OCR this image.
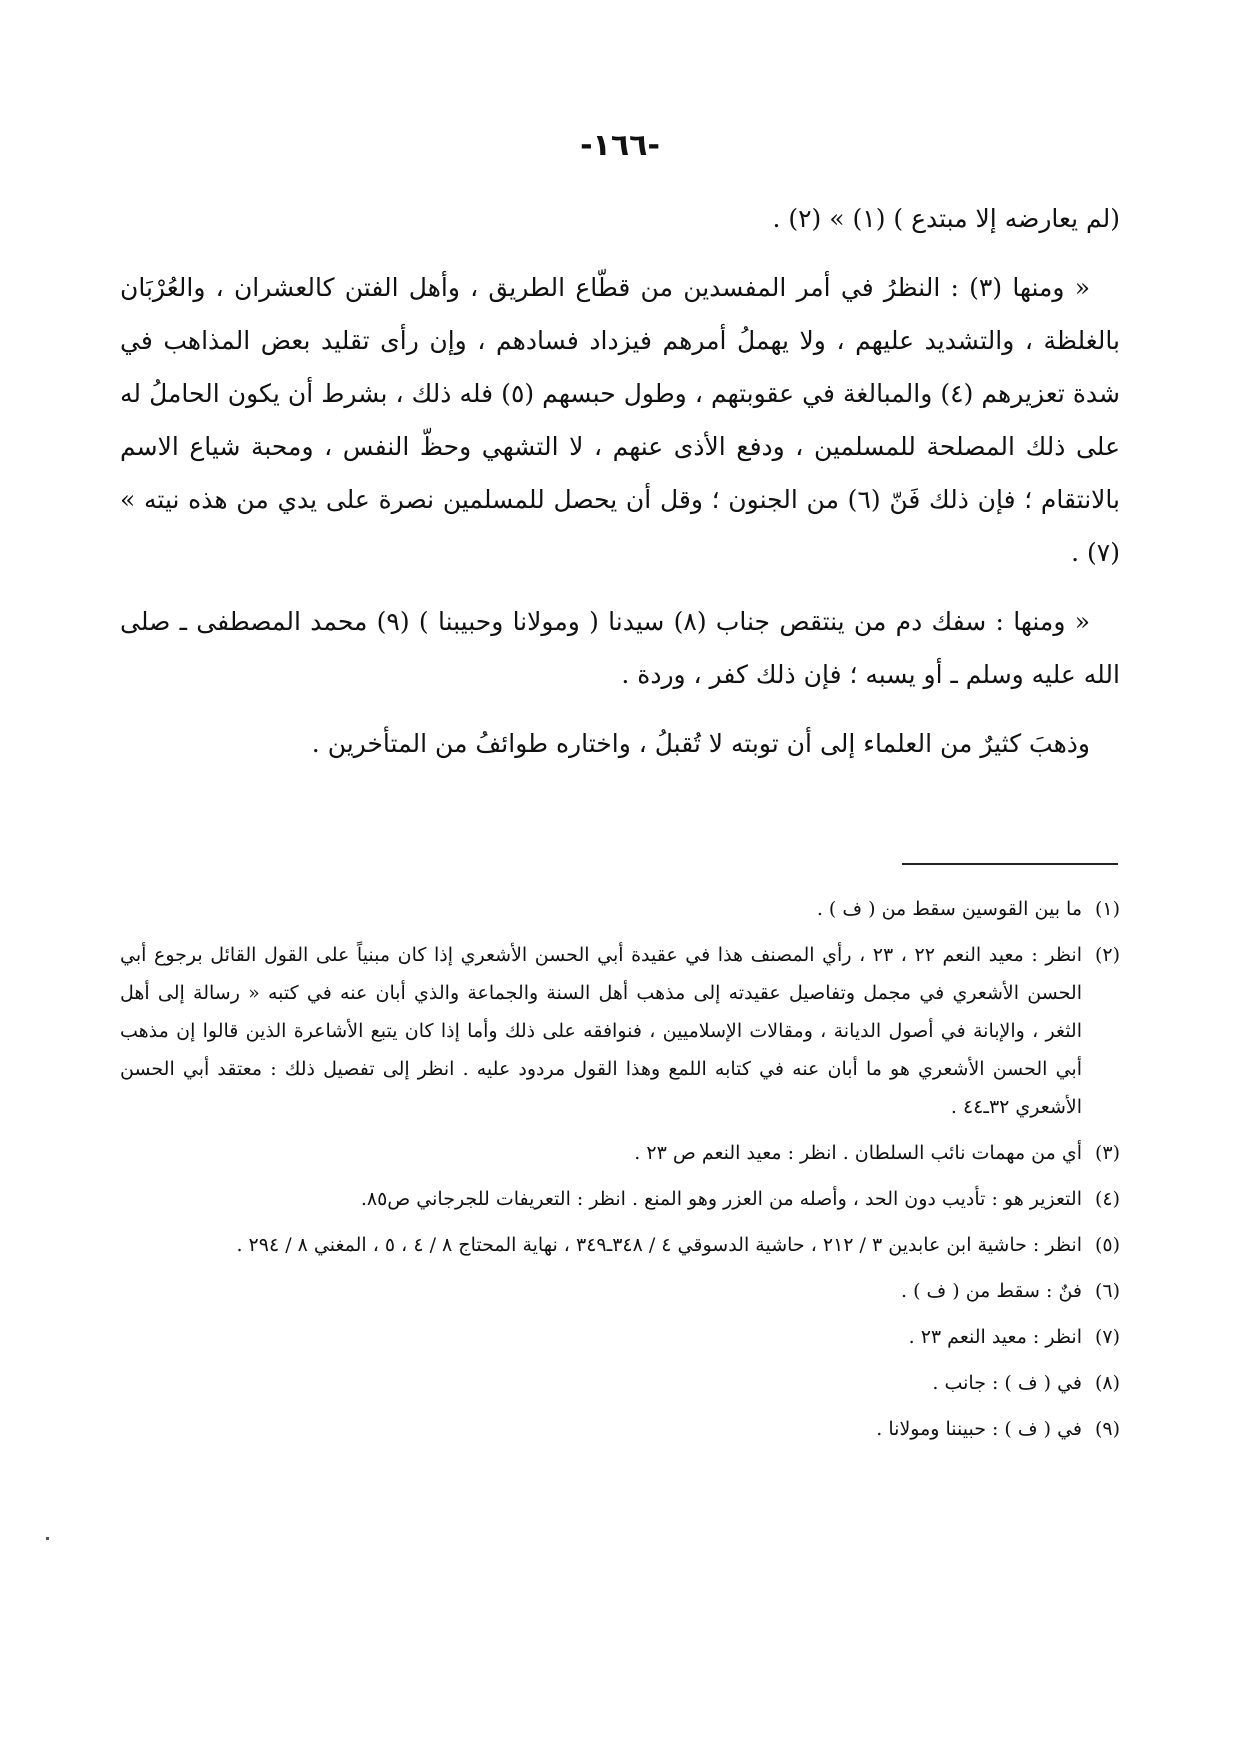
-١٦٦-

(لم يعارضه إلا مبتدع ) (١) » (٢) .

« ومنها (٣) : النظرُ في أمر المفسدين من قطّاع الطريق ، وأهل الفتن كالعشران ، والعُرْبَان بالغلظة ، والتشديد عليهم ، ولا يهملُ أمرهم فيزداد فسادهم ، وإن رأى تقليد بعض المذاهب في شدة تعزيرهم (٤) والمبالغة في عقوبتهم ، وطول حبسهم (٥) فله ذلك ، بشرط أن يكون الحاملُ له على ذلك المصلحة للمسلمين ، ودفع الأذى عنهم ، لا التشهي وحظّ النفس ، ومحبة شياع الاسم بالانتقام ؛ فإن ذلك فَنّ (٦) من الجنون ؛ وقل أن يحصل للمسلمين نصرة على يدي من هذه نيته » (٧) .

« ومنها : سفك دم من ينتقص جناب (٨) سيدنا ( ومولانا وحبيبنا ) (٩) محمد المصطفى ـ صلى الله عليه وسلم ـ أو يسبه ؛ فإن ذلك كفر ، وردة .

وذهبَ كثيرٌ من العلماء إلى أن توبته لا تُقبلُ ، واختاره طوائفُ من المتأخرين .

(١)ما بين القوسين سقط من ( ف ) .

(٢)انظر : معيد النعم ٢٢ ، ٢٣ ، رأي المصنف هذا في عقيدة أبي الحسن الأشعري إذا كان مبنياً على القول القائل برجوع أبي الحسن الأشعري في مجمل وتفاصيل عقيدته إلى مذهب أهل السنة والجماعة والذي أبان عنه في كتبه « رسالة إلى أهل الثغر ، والإبانة في أصول الديانة ، ومقالات الإسلاميين ، فنوافقه على ذلك وأما إذا كان يتبع الأشاعرة الذين قالوا إن مذهب أبي الحسن الأشعري هو ما أبان عنه في كتابه اللمع وهذا القول مردود عليه . انظر إلى تفصيل ذلك : معتقد أبي الحسن الأشعري ٣٢ـ٤٤ .

(٣)أي من مهمات نائب السلطان . انظر : معيد النعم ص ٢٣ .

(٤)التعزير هو : تأديب دون الحد ، وأصله من العزر وهو المنع . انظر : التعريفات للجرجاني ص٨٥.

(٥)انظر : حاشية ابن عابدين ٣ / ٢١٢ ، حاشية الدسوقي ٤ / ٣٤٨ـ٣٤٩ ، نهاية المحتاج ٨ / ٤ ، ٥ ، المغني ٨ / ٢٩٤ .

(٦)فنٌ : سقط من ( ف ) .

(٧)انظر : معيد النعم ٢٣ .

(٨)في ( ف ) : جانب .

(٩)في ( ف ) : حبيننا ومولانا .
